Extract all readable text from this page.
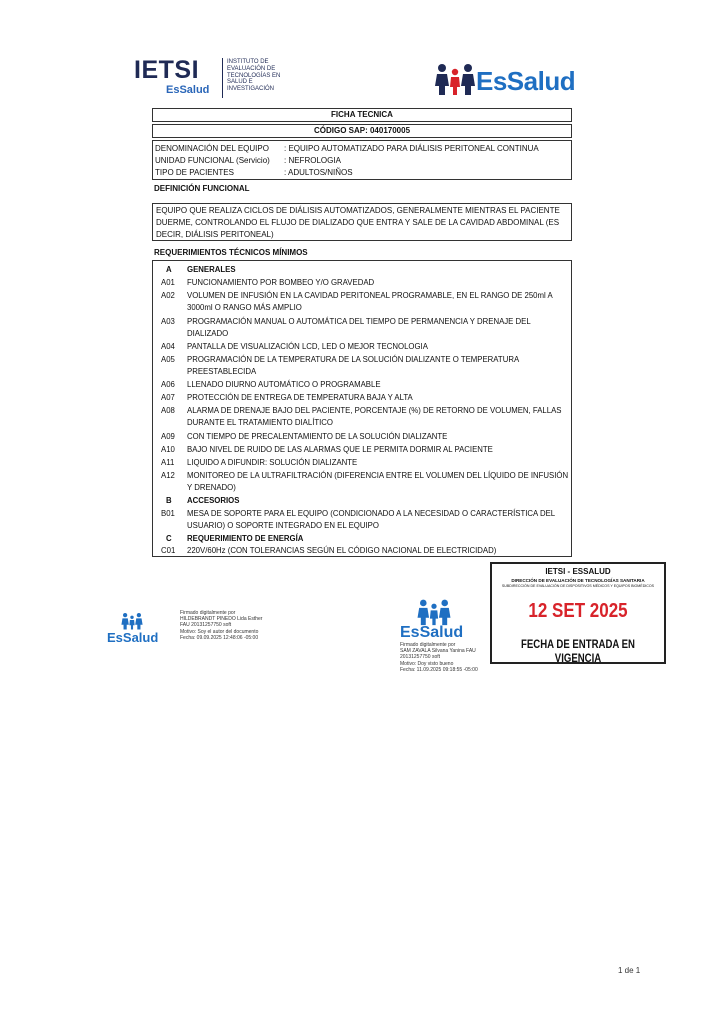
IETSI
EsSalud
INSTITUTO DE
EVALUACIÓN DE
TECNOLOGÍAS EN
SALUD E
INVESTIGACIÓN	EsSalud
FICHA TECNICA
CÓDIGO SAP: 040170005
DENOMINACIÓN DEL EQUIPO : EQUIPO AUTOMATIZADO PARA DIÁLISIS PERITONEAL CONTINUA
UNIDAD FUNCIONAL (Servicio) : NEFROLOGIA
TIPO DE PACIENTES	: ADULTOS/NIÑOS
DEFINICIÓN FUNCIONAL
EQUIPO QUE REALIZA CICLOS DE DIÁLISIS AUTOMATIZADOS, GENERALMENTE MIENTRAS EL PACIENTE DUERME, CONTROLANDO EL FLUJO DE DIALIZADO QUE ENTRA Y SALE DE LA CAVIDAD ABDOMINAL (ES DECIR, DIÁLISIS PERITONEAL)
REQUERIMIENTOS TÉCNICOS MÍNIMOS
A	GENERALES
A01	FUNCIONAMIENTO POR BOMBEO Y/O GRAVEDAD
A02	VOLUMEN DE INFUSIÓN EN LA CAVIDAD PERITONEAL PROGRAMABLE, EN EL RANGO DE 250ml A 3000ml O RANGO MÁS AMPLIO
A03	PROGRAMACIÓN MANUAL O AUTOMÁTICA DEL TIEMPO DE PERMANENCIA Y DRENAJE DEL DIALIZADO
A04	PANTALLA DE VISUALIZACIÓN LCD, LED O MEJOR TECNOLOGIA
A05	PROGRAMACIÓN DE LA TEMPERATURA DE LA SOLUCIÓN DIALIZANTE O TEMPERATURA PREESTABLECIDA
A06	LLENADO DIURNO AUTOMÁTICO O PROGRAMABLE
A07	PROTECCIÓN DE ENTREGA DE TEMPERATURA BAJA Y ALTA
A08	ALARMA DE DRENAJE BAJO DEL PACIENTE, PORCENTAJE (%) DE RETORNO DE VOLUMEN, FALLAS DURANTE EL TRATAMIENTO DIALÍTICO
A09	CON TIEMPO DE PRECALENTAMIENTO DE LA SOLUCIÓN DIALIZANTE
A10	BAJO NIVEL DE RUIDO DE LAS ALARMAS QUE LE PERMITA DORMIR AL PACIENTE
A11	LIQUIDO A DIFUNDIR: SOLUCIÓN DIALIZANTE
A12	MONITOREO DE LA ULTRAFILTRACIÓN (DIFERENCIA ENTRE EL VOLUMEN DEL LÍQUIDO DE INFUSIÓN Y DRENADO)
B	ACCESORIOS
B01	MESA DE SOPORTE PARA EL EQUIPO (CONDICIONADO A LA NECESIDAD O CARACTERÍSTICA DEL USUARIO) O SOPORTE INTEGRADO EN EL EQUIPO
C	REQUERIMIENTO DE ENERGÍA
C01	220V/60Hz (CON TOLERANCIAS SEGÚN EL CÓDIGO NACIONAL DE ELECTRICIDAD)
IETSI - ESSALUD
DIRECCIÓN DE EVALUACIÓN DE TECNOLOGÍAS SANITARIA
SUBDIRECCIÓN DE EVALUACIÓN DE DISPOSITIVOS MÉDICOS Y EQUIPOS BIOMÉDICOS
12 SET 2025
FECHA DE ENTRADA EN VIGENCIA
EsSalud
Firmado digitalmente por
HILDEBRANDT PINEDO Lida Esther
FAU 20131257750 soft
Motivo: Soy el autor del documento
Fecha: 09.09.2025 12:48:06 -05:00	EsSalud
Firmado digitalmente por
SAM ZAVALA Silvana Yanina FAU
20131257750 soft
Motivo: Doy visto bueno
Fecha: 11.09.2025 09:18:55 -05:00
1 de 1
